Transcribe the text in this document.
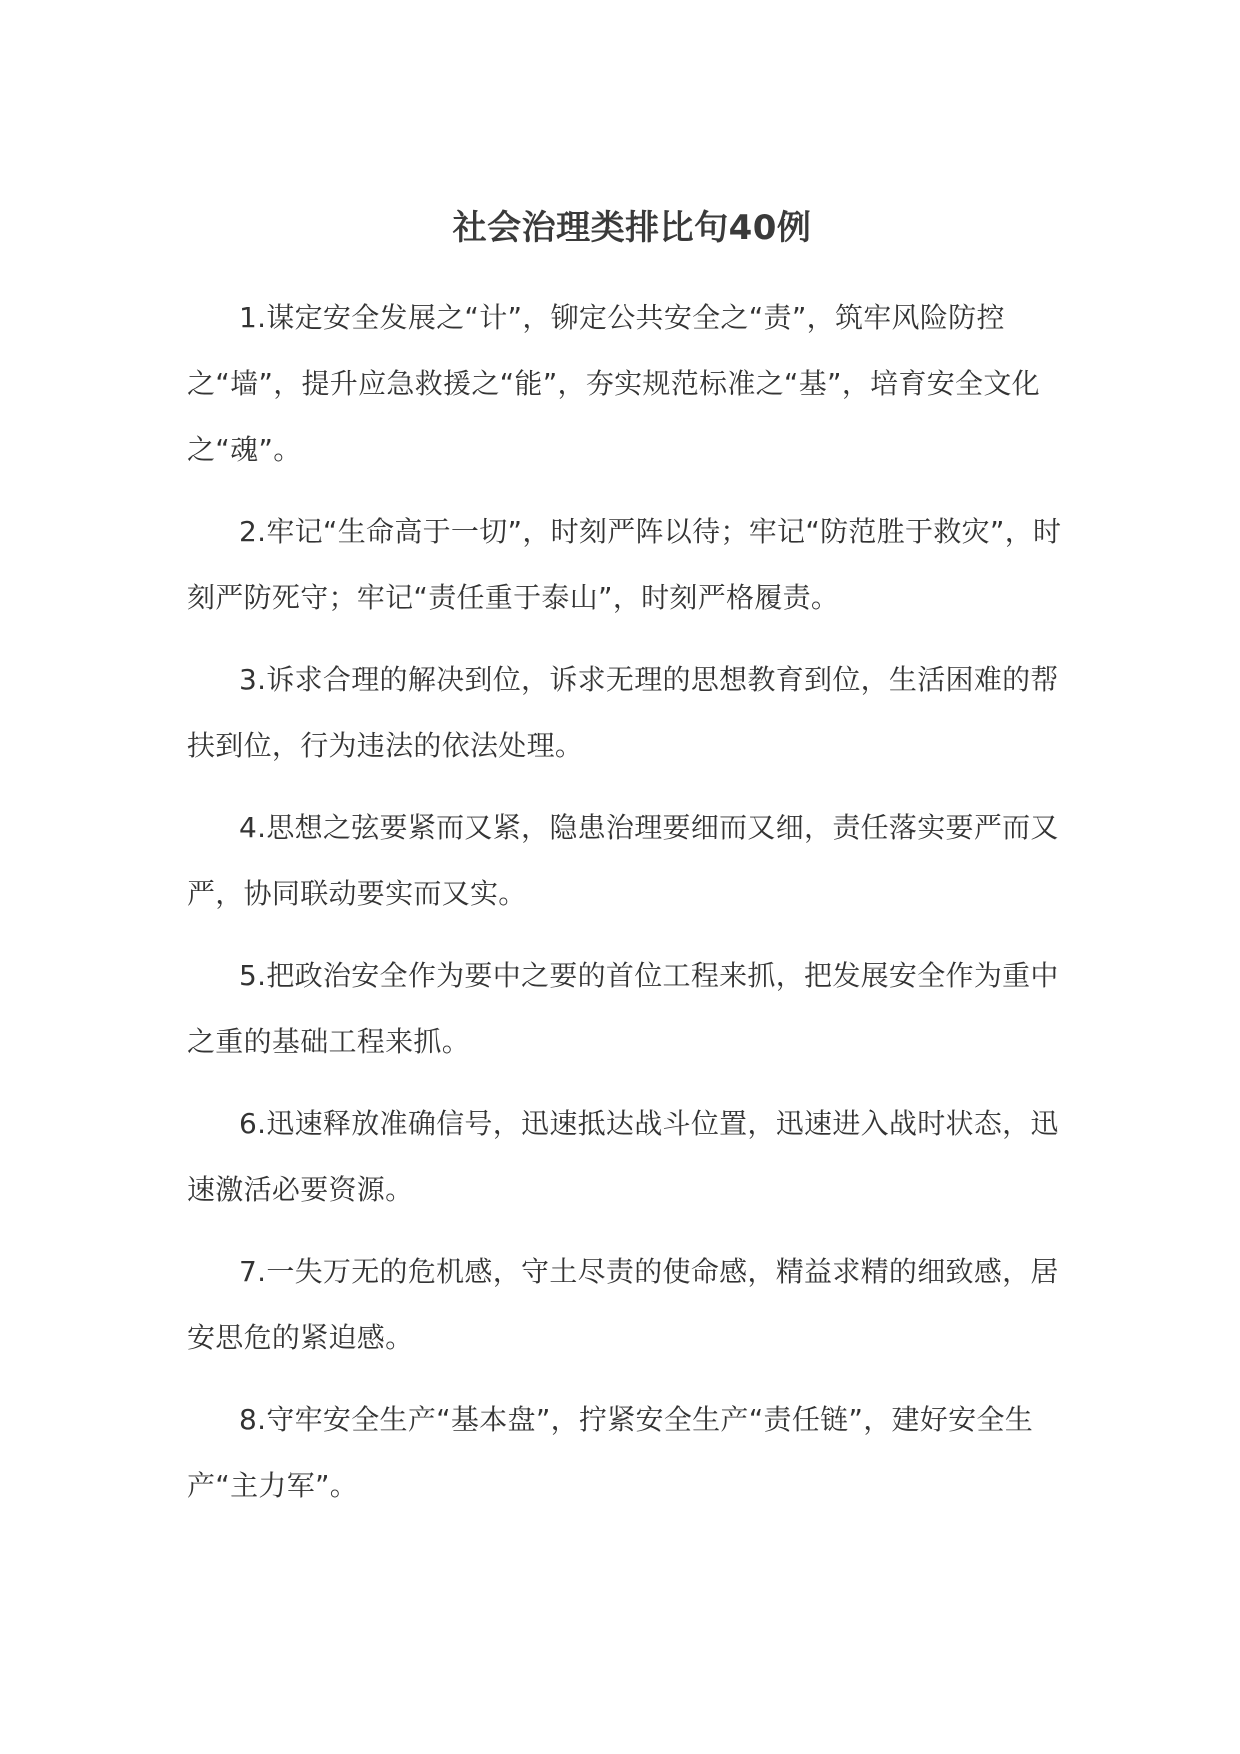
社会治理类排比句40例

1.谋定安全发展之“计”，铆定公共安全之“责”，筑牢风险防控之“墙”，提升应急救援之“能”，夯实规范标准之“基”，培育安全文化之“魂”。

2.牢记“生命高于一切”，时刻严阵以待；牢记“防范胜于救灾”，时刻严防死守；牢记“责任重于泰山”，时刻严格履责。

3.诉求合理的解决到位，诉求无理的思想教育到位，生活困难的帮扶到位，行为违法的依法处理。

4.思想之弦要紧而又紧，隐患治理要细而又细，责任落实要严而又严，协同联动要实而又实。

5.把政治安全作为要中之要的首位工程来抓，把发展安全作为重中之重的基础工程来抓。

6.迅速释放准确信号，迅速抵达战斗位置，迅速进入战时状态，迅速激活必要资源。

7.一失万无的危机感，守土尽责的使命感，精益求精的细致感，居安思危的紧迫感。

8.守牢安全生产“基本盘”，拧紧安全生产“责任链”，建好安全生产“主力军”。
